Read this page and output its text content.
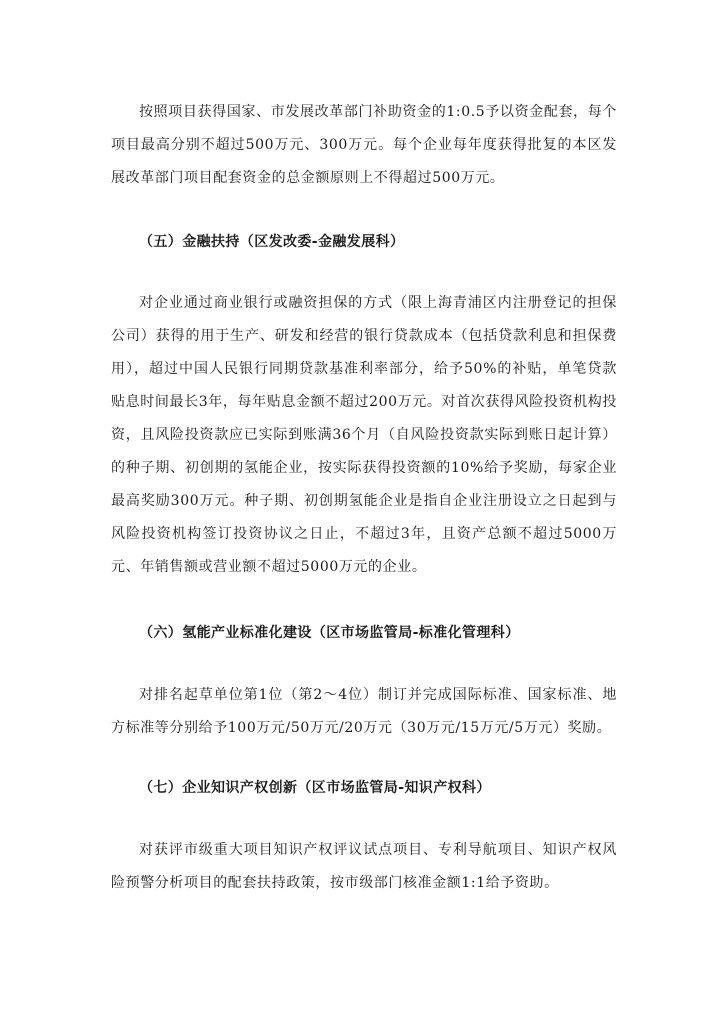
按照项目获得国家、市发展改革部门补助资金的1:0.5予以资金配套，每个项目最高分别不超过500万元、300万元。每个企业每年度获得批复的本区发展改革部门项目配套资金的总金额原则上不得超过500万元。

（五）金融扶持（区发改委-金融发展科）

对企业通过商业银行或融资担保的方式（限上海青浦区内注册登记的担保公司）获得的用于生产、研发和经营的银行贷款成本（包括贷款利息和担保费用），超过中国人民银行同期贷款基准利率部分，给予50%的补贴，单笔贷款贴息时间最长3年，每年贴息金额不超过200万元。对首次获得风险投资机构投资，且风险投资款应已实际到账满36个月（自风险投资款实际到账日起计算）的种子期、初创期的氢能企业，按实际获得投资额的10%给予奖励，每家企业最高奖励300万元。种子期、初创期氢能企业是指自企业注册设立之日起到与风险投资机构签订投资协议之日止，不超过3年，且资产总额不超过5000万元、年销售额或营业额不超过5000万元的企业。

（六）氢能产业标准化建设（区市场监管局-标准化管理科）

对排名起草单位第1位（第2～4位）制订并完成国际标准、国家标准、地方标准等分别给予100万元/50万元/20万元（30万元/15万元/5万元）奖励。

（七）企业知识产权创新（区市场监管局-知识产权科）

对获评市级重大项目知识产权评议试点项目、专利导航项目、知识产权风险预警分析项目的配套扶持政策，按市级部门核准金额1:1给予资助。
